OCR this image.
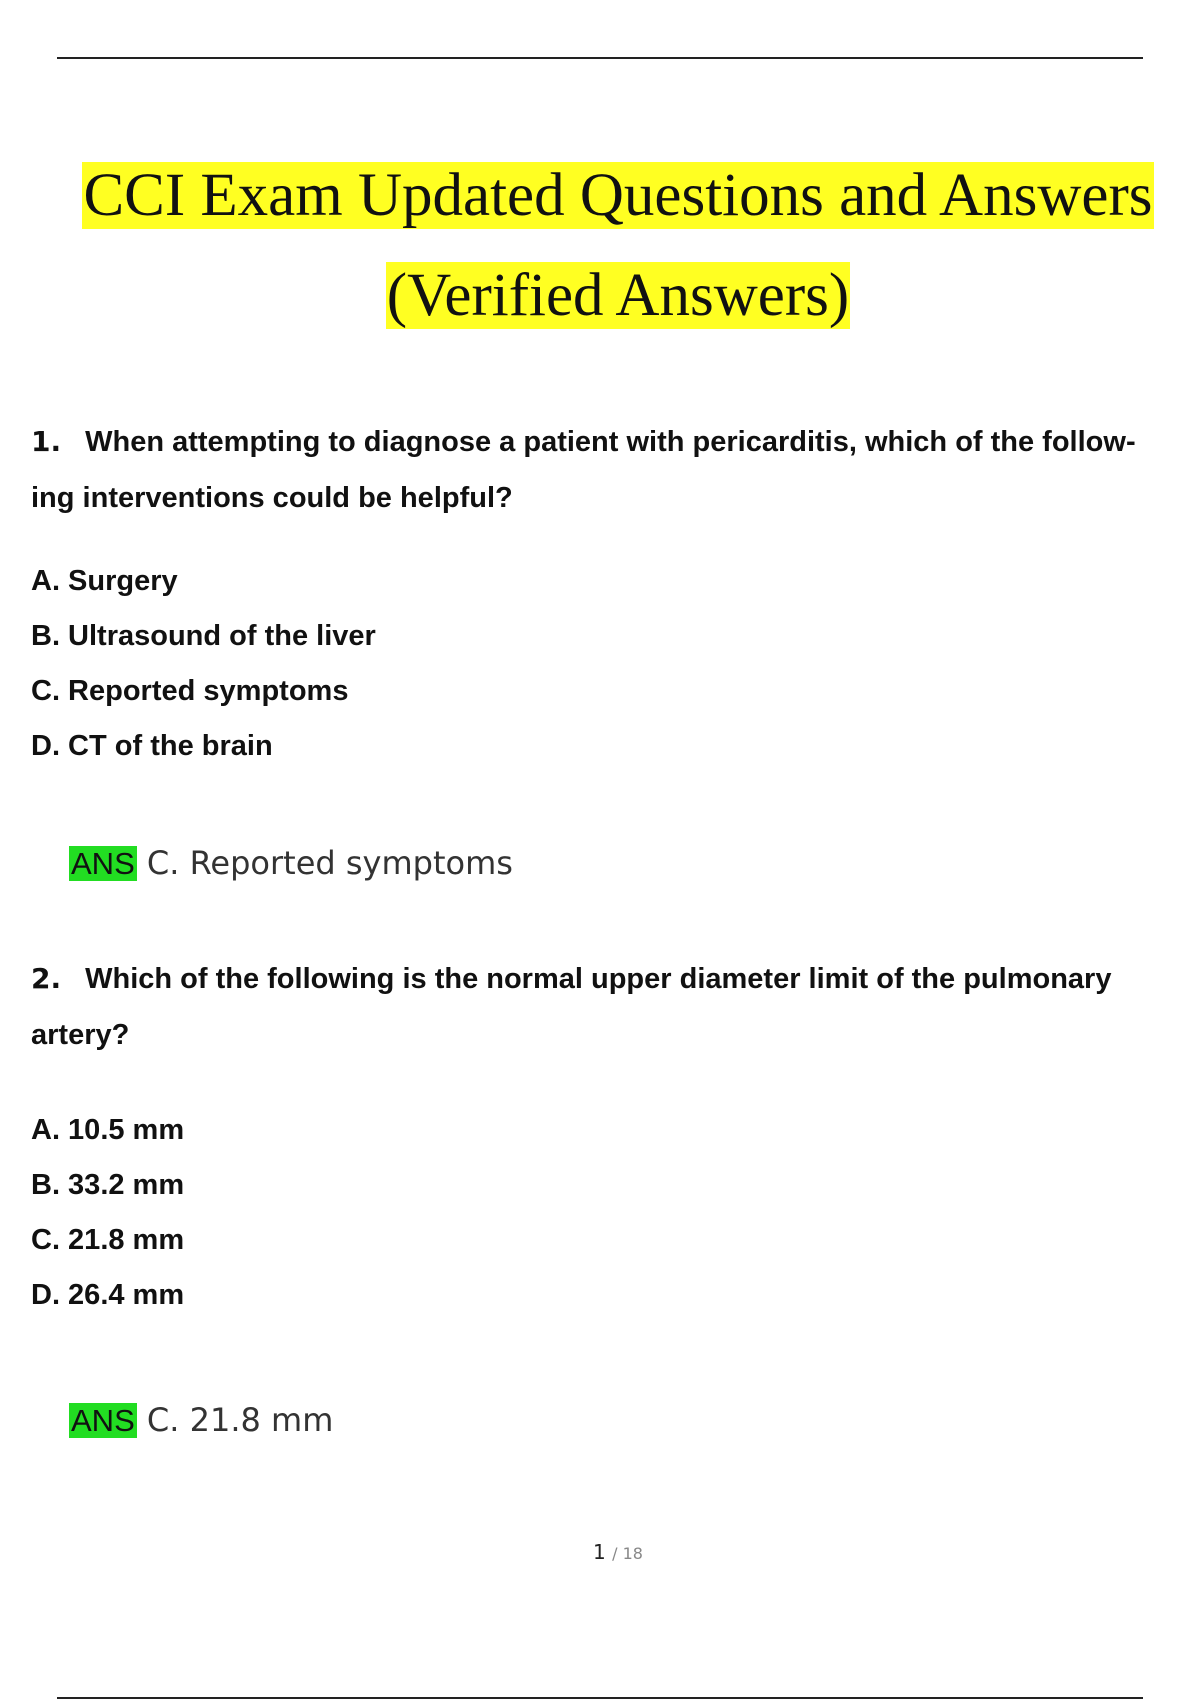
CCI Exam Updated Questions and Answers
(Verified Answers)

1. When attempting to diagnose a patient with pericarditis, which of the follow- ing interventions could be helpful?

A. Surgery
B. Ultrasound of the liver
C. Reported symptoms
D. CT of the brain
ANS C. Reported symptoms

2. Which of the following is the normal upper diameter limit of the pulmonary artery?

A. 10.5 mm
B. 33.2 mm
C. 21.8 mm
D. 26.4 mm
ANS C. 21.8 mm
1 / 18
